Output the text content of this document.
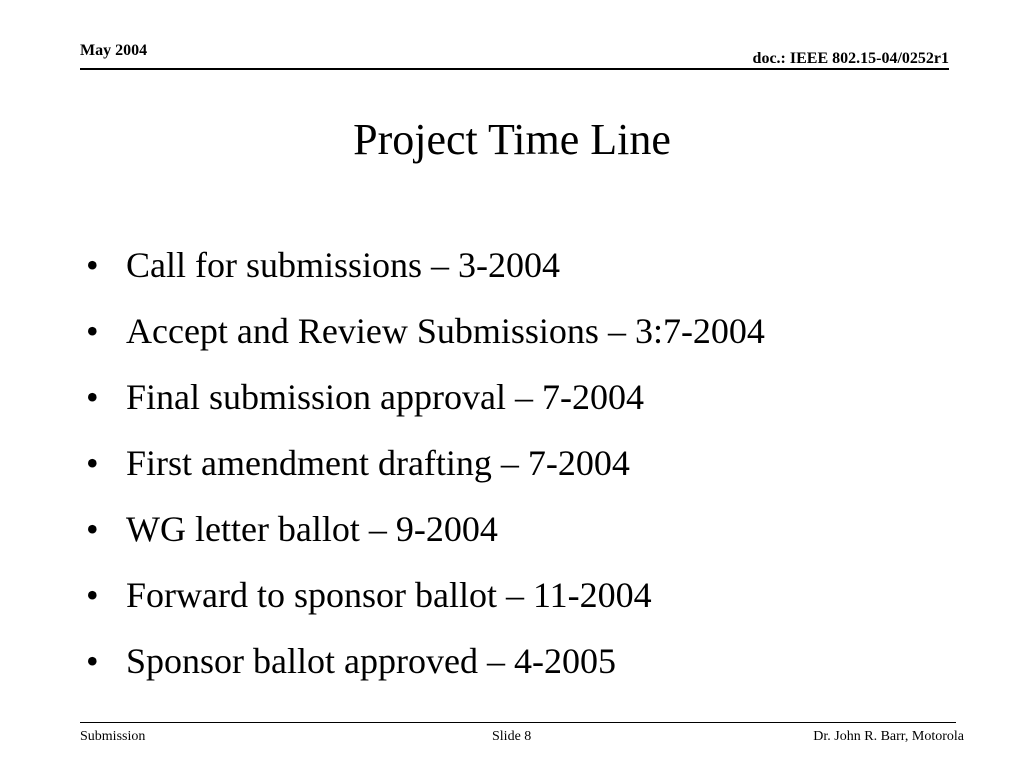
May 2004	doc.: IEEE 802.15-04/0252r1
Project Time Line
• Call for submissions – 3-2004
• Accept and Review Submissions – 3:7-2004
• Final submission approval – 7-2004
• First amendment drafting – 7-2004
• WG letter ballot – 9-2004
• Forward to sponsor ballot – 11-2004
• Sponsor ballot approved – 4-2005
Submission	Slide 8	Dr. John R. Barr, Motorola
